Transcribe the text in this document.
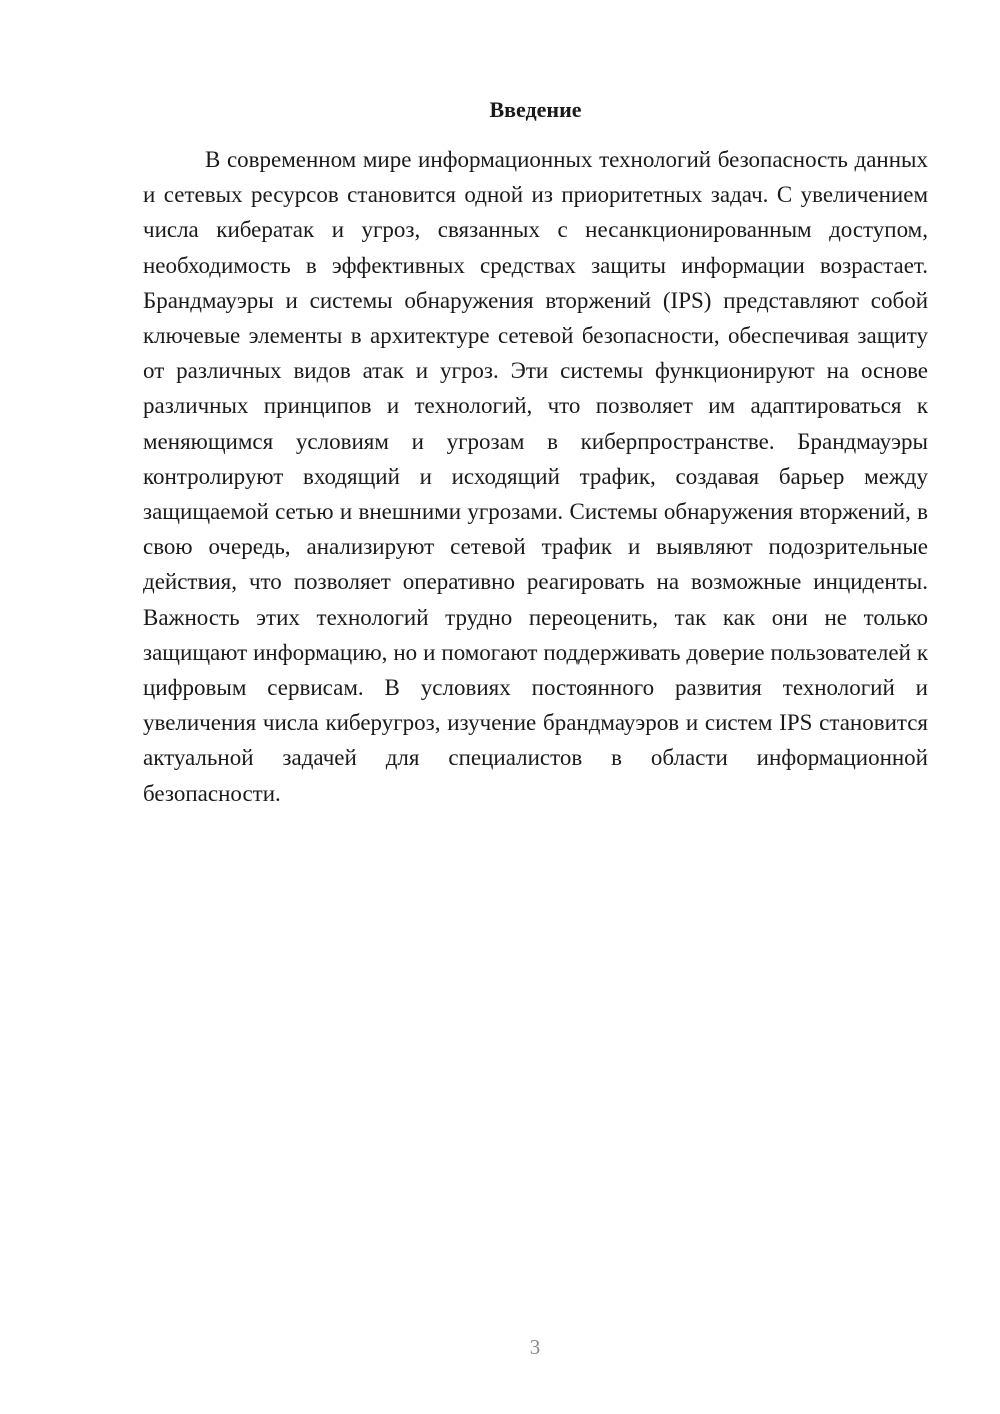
Введение

В современном мире информационных технологий безопасность данных и сетевых ресурсов становится одной из приоритетных задач. С увеличением числа кибератак и угроз, связанных с несанкционированным доступом, необходимость в эффективных средствах защиты информации возрастает. Брандмауэры и системы обнаружения вторжений (IPS) представляют собой ключевые элементы в архитектуре сетевой безопасности, обеспечивая защиту от различных видов атак и угроз. Эти системы функционируют на основе различных принципов и технологий, что позволяет им адаптироваться к меняющимся условиям и угрозам в киберпространстве. Брандмауэры контролируют входящий и исходящий трафик, создавая барьер между защищаемой сетью и внешними угрозами. Системы обнаружения вторжений, в свою очередь, анализируют сетевой трафик и выявляют подозрительные действия, что позволяет оперативно реагировать на возможные инциденты. Важность этих технологий трудно переоценить, так как они не только защищают информацию, но и помогают поддерживать доверие пользователей к цифровым сервисам. В условиях постоянного развития технологий и увеличения числа киберугроз, изучение брандмауэров и систем IPS становится актуальной задачей для специалистов в области информационной безопасности.

3
